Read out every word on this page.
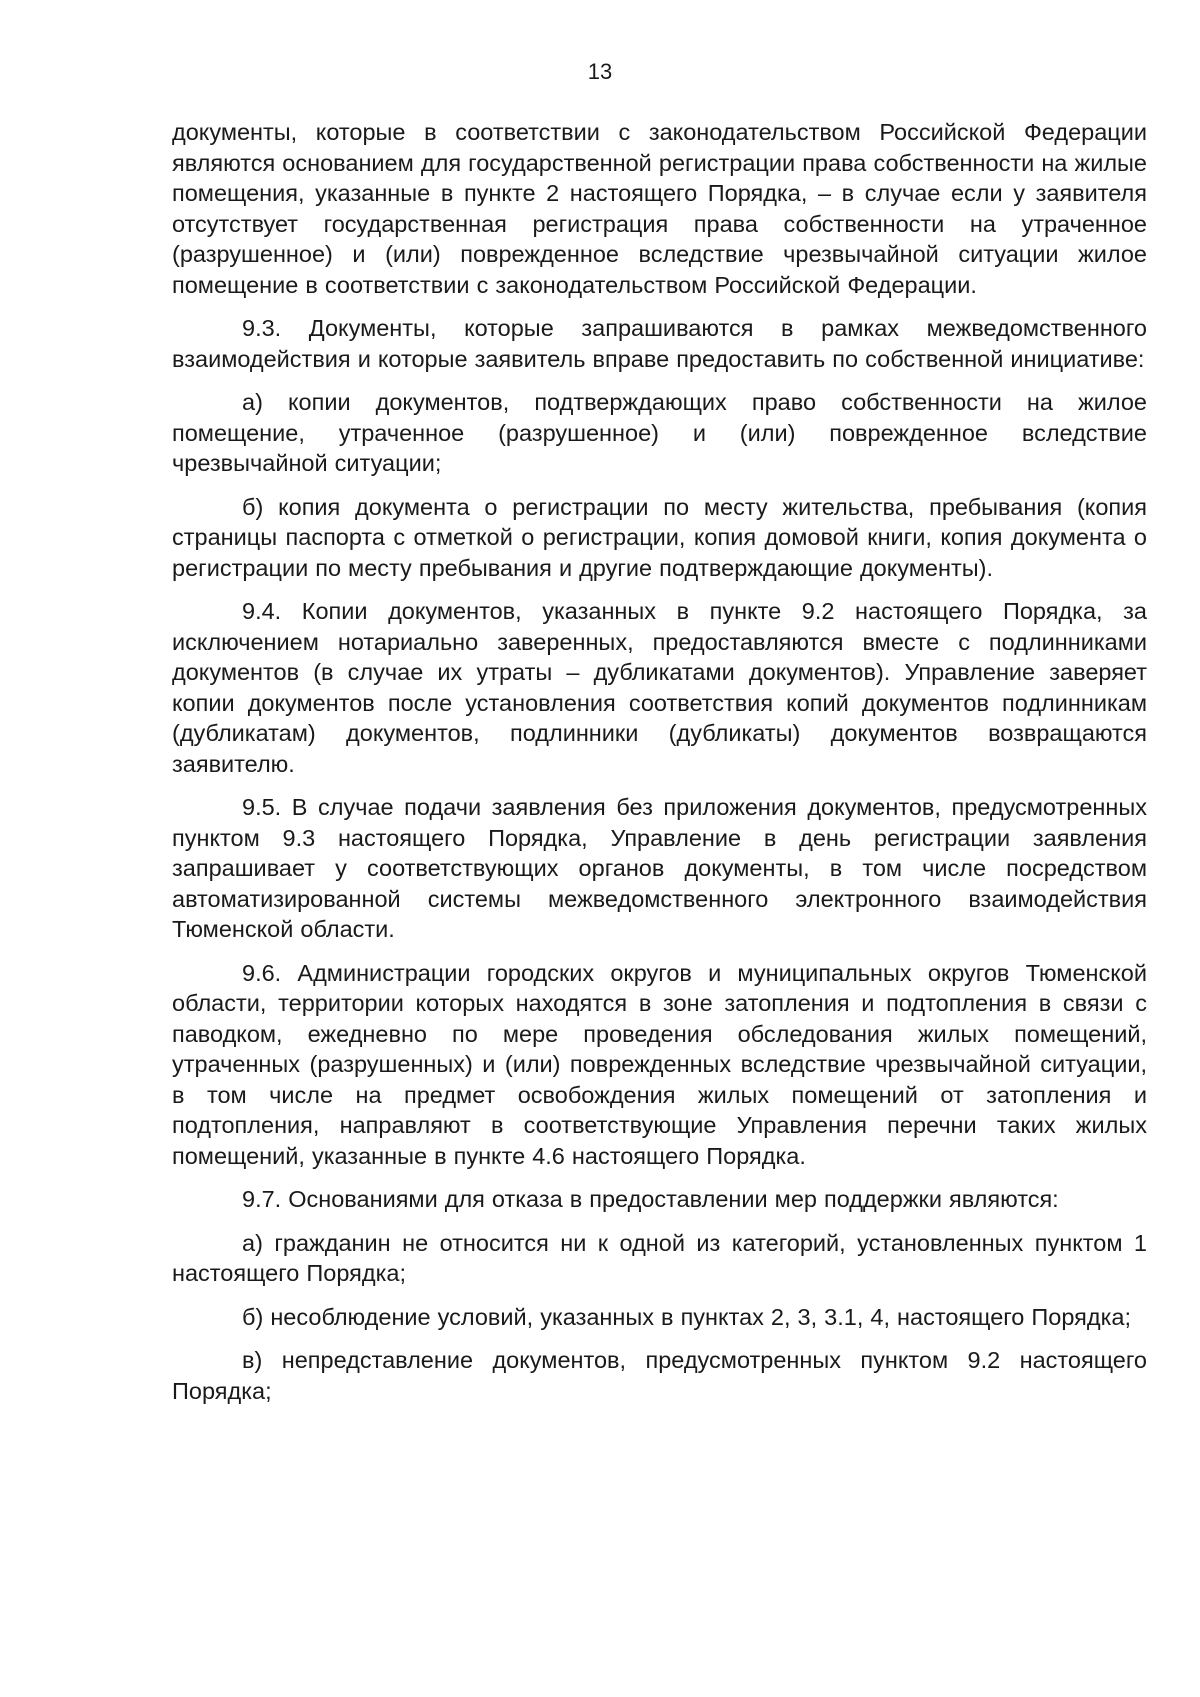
13

документы, которые в соответствии с законодательством Российской Федерации являются основанием для государственной регистрации права собственности на жилые помещения, указанные в пункте 2 настоящего Порядка, – в случае если у заявителя отсутствует государственная регистрация права собственности на утраченное (разрушенное) и (или) поврежденное вследствие чрезвычайной ситуации жилое помещение в соответствии с законодательством Российской Федерации.

9.3. Документы, которые запрашиваются в рамках межведомственного взаимодействия и которые заявитель вправе предоставить по собственной инициативе:

а) копии документов, подтверждающих право собственности на жилое помещение, утраченное (разрушенное) и (или) поврежденное вследствие чрезвычайной ситуации;

б) копия документа о регистрации по месту жительства, пребывания (копия страницы паспорта с отметкой о регистрации, копия домовой книги, копия документа о регистрации по месту пребывания и другие подтверждающие документы).

9.4. Копии документов, указанных в пункте 9.2 настоящего Порядка, за исключением нотариально заверенных, предоставляются вместе с подлинниками документов (в случае их утраты – дубликатами документов). Управление заверяет копии документов после установления соответствия копий документов подлинникам (дубликатам) документов, подлинники (дубликаты) документов возвращаются заявителю.

9.5. В случае подачи заявления без приложения документов, предусмотренных пунктом 9.3 настоящего Порядка, Управление в день регистрации заявления запрашивает у соответствующих органов документы, в том числе посредством автоматизированной системы межведомственного электронного взаимодействия Тюменской области.

9.6. Администрации городских округов и муниципальных округов Тюменской области, территории которых находятся в зоне затопления и подтопления в связи с паводком, ежедневно по мере проведения обследования жилых помещений, утраченных (разрушенных) и (или) поврежденных вследствие чрезвычайной ситуации, в том числе на предмет освобождения жилых помещений от затопления и подтопления, направляют в соответствующие Управления перечни таких жилых помещений, указанные в пункте 4.6 настоящего Порядка.

9.7. Основаниями для отказа в предоставлении мер поддержки являются:

а) гражданин не относится ни к одной из категорий, установленных пунктом 1 настоящего Порядка;

б) несоблюдение условий, указанных в пунктах 2, 3, 3.1, 4, настоящего Порядка;

в) непредставление документов, предусмотренных пунктом 9.2 настоящего Порядка;
